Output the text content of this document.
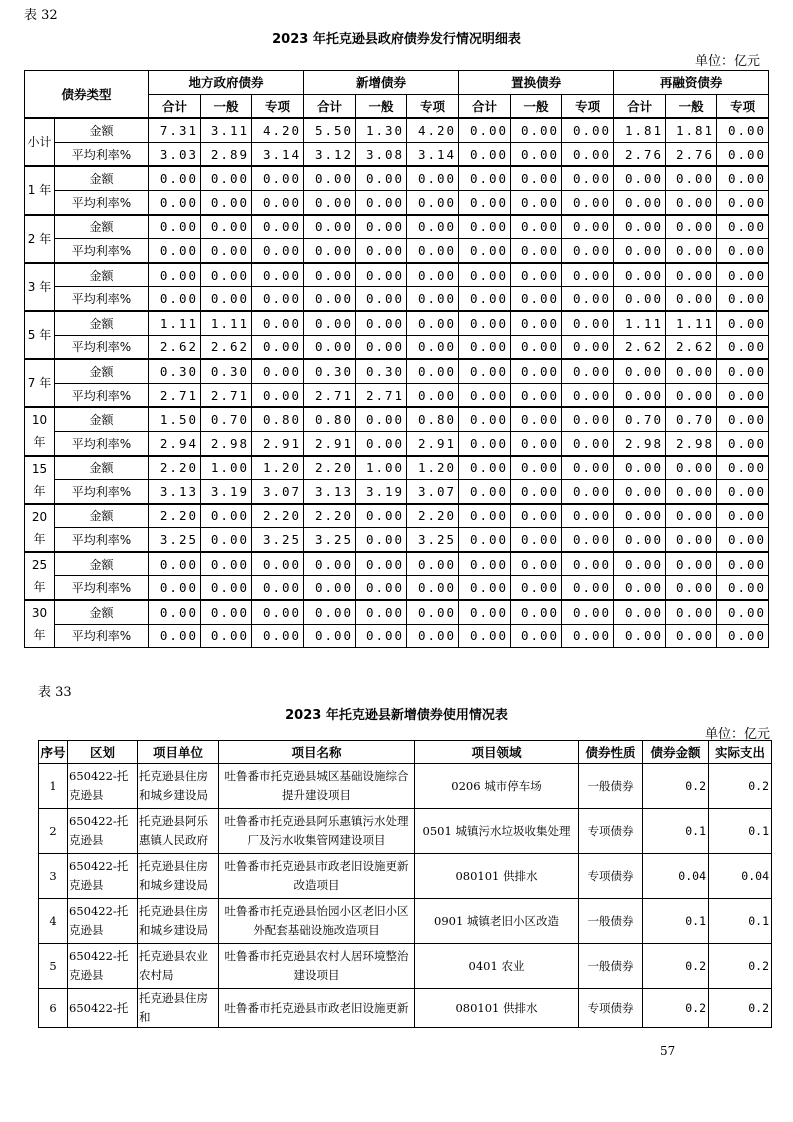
表 32
2023 年托克逊县政府债券发行情况明细表
单位：亿元
债券类型		地方政府债券			新增债券			置换债券			再融资债券		
		合计	一般	专项	合计	一般	专项	合计	一般	专项	合计	一般	专项
小计	金额	7.31	3.11	4.20	5.50	1.30	4.20	0.00	0.00	0.00	1.81	1.81	0.00
	平均利率%	3.03	2.89	3.14	3.12	3.08	3.14	0.00	0.00	0.00	2.76	2.76	0.00
1 年	金额	0.00	0.00	0.00	0.00	0.00	0.00	0.00	0.00	0.00	0.00	0.00	0.00
	平均利率%	0.00	0.00	0.00	0.00	0.00	0.00	0.00	0.00	0.00	0.00	0.00	0.00
2 年	金额	0.00	0.00	0.00	0.00	0.00	0.00	0.00	0.00	0.00	0.00	0.00	0.00
	平均利率%	0.00	0.00	0.00	0.00	0.00	0.00	0.00	0.00	0.00	0.00	0.00	0.00
3 年	金额	0.00	0.00	0.00	0.00	0.00	0.00	0.00	0.00	0.00	0.00	0.00	0.00
	平均利率%	0.00	0.00	0.00	0.00	0.00	0.00	0.00	0.00	0.00	0.00	0.00	0.00
5 年	金额	1.11	1.11	0.00	0.00	0.00	0.00	0.00	0.00	0.00	1.11	1.11	0.00
	平均利率%	2.62	2.62	0.00	0.00	0.00	0.00	0.00	0.00	0.00	2.62	2.62	0.00
7 年	金额	0.30	0.30	0.00	0.30	0.30	0.00	0.00	0.00	0.00	0.00	0.00	0.00
	平均利率%	2.71	2.71	0.00	2.71	2.71	0.00	0.00	0.00	0.00	0.00	0.00	0.00
10 年	金额	1.50	0.70	0.80	0.80	0.00	0.80	0.00	0.00	0.00	0.70	0.70	0.00
	平均利率%	2.94	2.98	2.91	2.91	0.00	2.91	0.00	0.00	0.00	2.98	2.98	0.00
15 年	金额	2.20	1.00	1.20	2.20	1.00	1.20	0.00	0.00	0.00	0.00	0.00	0.00
	平均利率%	3.13	3.19	3.07	3.13	3.19	3.07	0.00	0.00	0.00	0.00	0.00	0.00
20 年	金额	2.20	0.00	2.20	2.20	0.00	2.20	0.00	0.00	0.00	0.00	0.00	0.00
	平均利率%	3.25	0.00	3.25	3.25	0.00	3.25	0.00	0.00	0.00	0.00	0.00	0.00
25 年	金额	0.00	0.00	0.00	0.00	0.00	0.00	0.00	0.00	0.00	0.00	0.00	0.00
	平均利率%	0.00	0.00	0.00	0.00	0.00	0.00	0.00	0.00	0.00	0.00	0.00	0.00
30 年	金额	0.00	0.00	0.00	0.00	0.00	0.00	0.00	0.00	0.00	0.00	0.00	0.00
	平均利率%	0.00	0.00	0.00	0.00	0.00	0.00	0.00	0.00	0.00	0.00	0.00	0.00
表 33
2023 年托克逊县新增债券使用情况表
单位：亿元
序号	区划	项目单位	项目名称	项目领域	债券性质	债券金额	实际支出
1	650422-托克逊县	托克逊县住房和城乡建设局	吐鲁番市托克逊县城区基础设施综合提升建设项目	0206 城市停车场	一般债券	0.2	0.2
2	650422-托克逊县	托克逊县阿乐惠镇人民政府	吐鲁番市托克逊县阿乐惠镇污水处理厂及污水收集管网建设项目	0501 城镇污水垃圾收集处理	专项债券	0.1	0.1
3	650422-托克逊县	托克逊县住房和城乡建设局	吐鲁番市托克逊县市政老旧设施更新改造项目	080101 供排水	专项债券	0.04	0.04
4	650422-托克逊县	托克逊县住房和城乡建设局	吐鲁番市托克逊县怡园小区老旧小区外配套基础设施改造项目	0901 城镇老旧小区改造	一般债券	0.1	0.1
5	650422-托克逊县	托克逊县农业农村局	吐鲁番市托克逊县农村人居环境整治建设项目	0401 农业	一般债券	0.2	0.2
6	650422-托	托克逊县住房和	吐鲁番市托克逊县市政老旧设施更新	080101 供排水	专项债券	0.2	0.2
57
